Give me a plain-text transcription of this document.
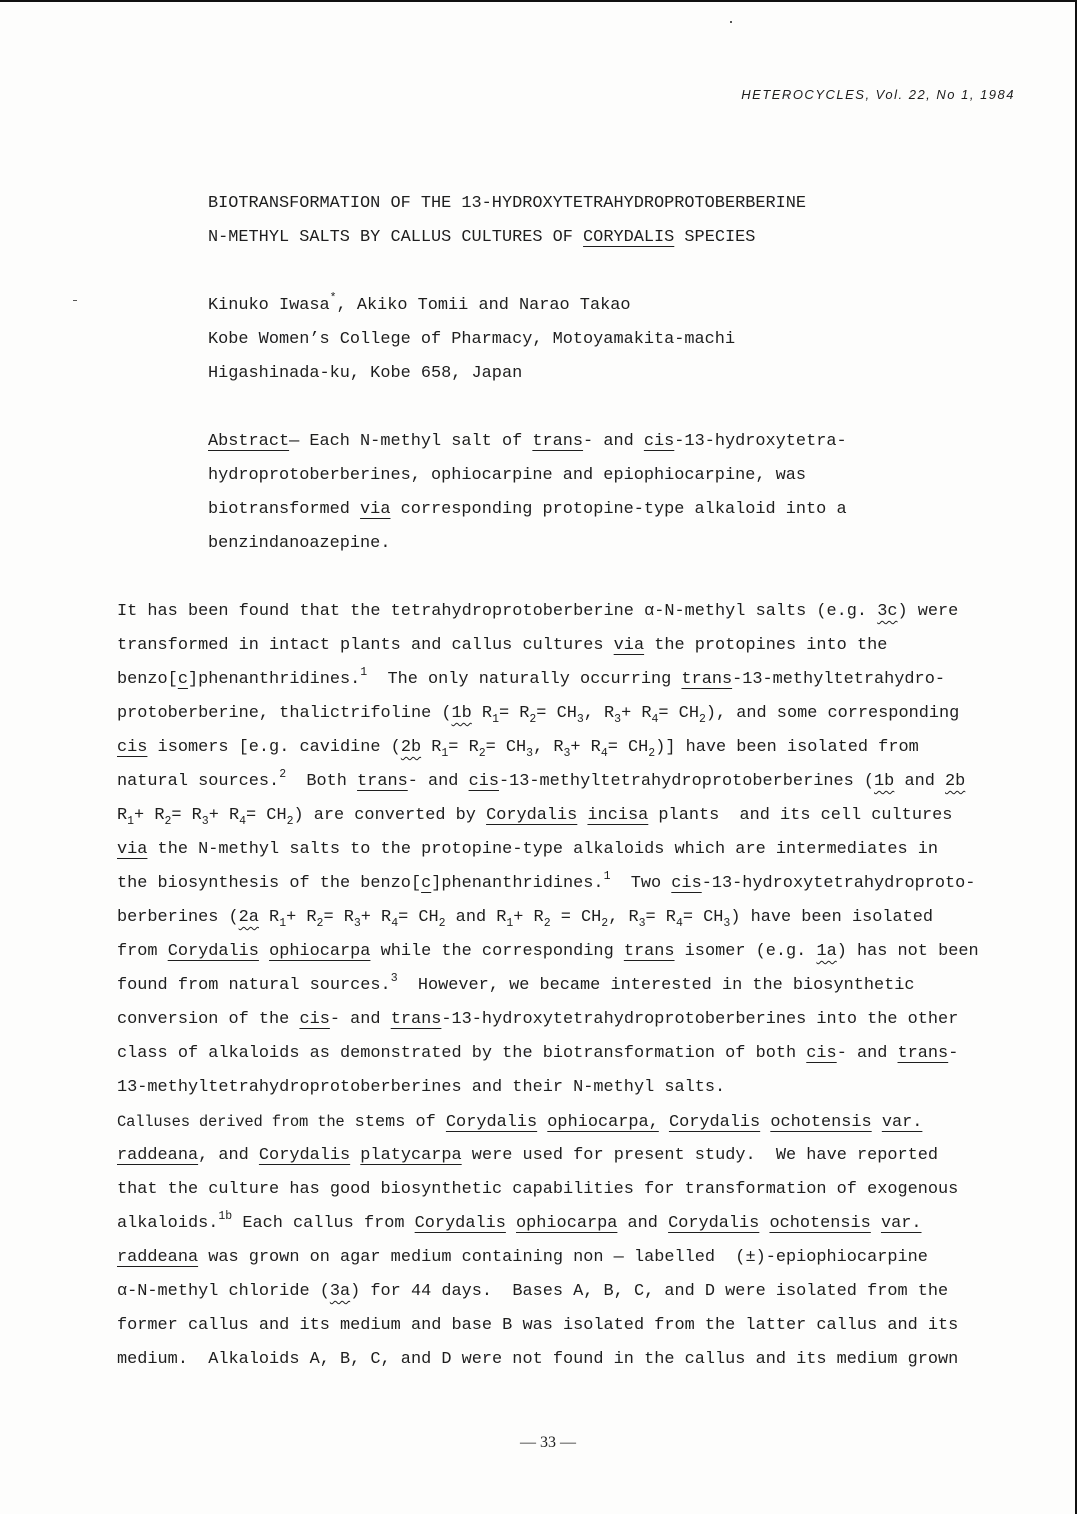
HETEROCYCLES, Vol. 22, No 1, 1984
BIOTRANSFORMATION OF THE 13-HYDROXYTETRAHYDROPROTOBERBERINE
N-METHYL SALTS BY CALLUS CULTURES OF CORYDALIS SPECIES
Kinuko Iwasa*, Akiko Tomii and Narao Takao
Kobe Women’s College of Pharmacy, Motoyamakita-machi
Higashinada-ku, Kobe 658, Japan
Abstract— Each N-methyl salt of trans- and cis-13-hydroxytetra-
hydroprotoberberines, ophiocarpine and epiophiocarpine, was
biotransformed via corresponding protopine-type alkaloid into a
benzindanoazepine.
It has been found that the tetrahydroprotoberberine α-N-methyl salts (e.g. 3c) were
transformed in intact plants and callus cultures via the protopines into the
benzo[c]phenanthridines.$^1$  The only naturally occurring trans-13-methyltetrahydro-
protoberberine, thalictrifoline (1b $R_1= R_2= CH_3$, $R_3+ R_4= CH_2$), and some corresponding
cis isomers [e.g. cavidine (2b $R_1= R_2= CH_3$, $R_3+ R_4= CH_2$)] have been isolated from
natural sources.$^2$  Both trans- and cis-13-methyltetrahydroprotoberberines (1b and 2b
$R_1+ R_2= R_3+ R_4= CH_2$) are converted by Corydalis incisa plants  and its cell cultures
via the N-methyl salts to the protopine-type alkaloids which are intermediates in
the biosynthesis of the benzo[c]phenanthridines.$^1$  Two cis-13-hydroxytetrahydroproto-
berberines (2a $R_1+ R_2= R_3+ R_4= CH_2$ and $R_1+ R_2 = CH_2$, $R_3= R_4= CH_3$) have been isolated
from Corydalis ophiocarpa while the corresponding trans isomer (e.g. 1a) has not been
found from natural sources.$^3$  However, we became interested in the biosynthetic
conversion of the cis- and trans-13-hydroxytetrahydroprotoberberines into the other
class of alkaloids as demonstrated by the biotransformation of both cis- and trans-
13-methyltetrahydroprotoberberines and their N-methyl salts.
Calluses derived from the stems of Corydalis ophiocarpa, Corydalis ochotensis var.
raddeana, and Corydalis platycarpa were used for present study.  We have reported
that the culture has good biosynthetic capabilities for transformation of exogenous
alkaloids.$^{1b}$ Each callus from Corydalis ophiocarpa and Corydalis ochotensis var.
raddeana was grown on agar medium containing non — labelled  (±)-epiophiocarpine
α-N-methyl chloride (3a) for 44 days.  Bases A, B, C, and D were isolated from the
former callus and its medium and base B was isolated from the latter callus and its
medium.  Alkaloids A, B, C, and D were not found in the callus and its medium grown
— 33 —
